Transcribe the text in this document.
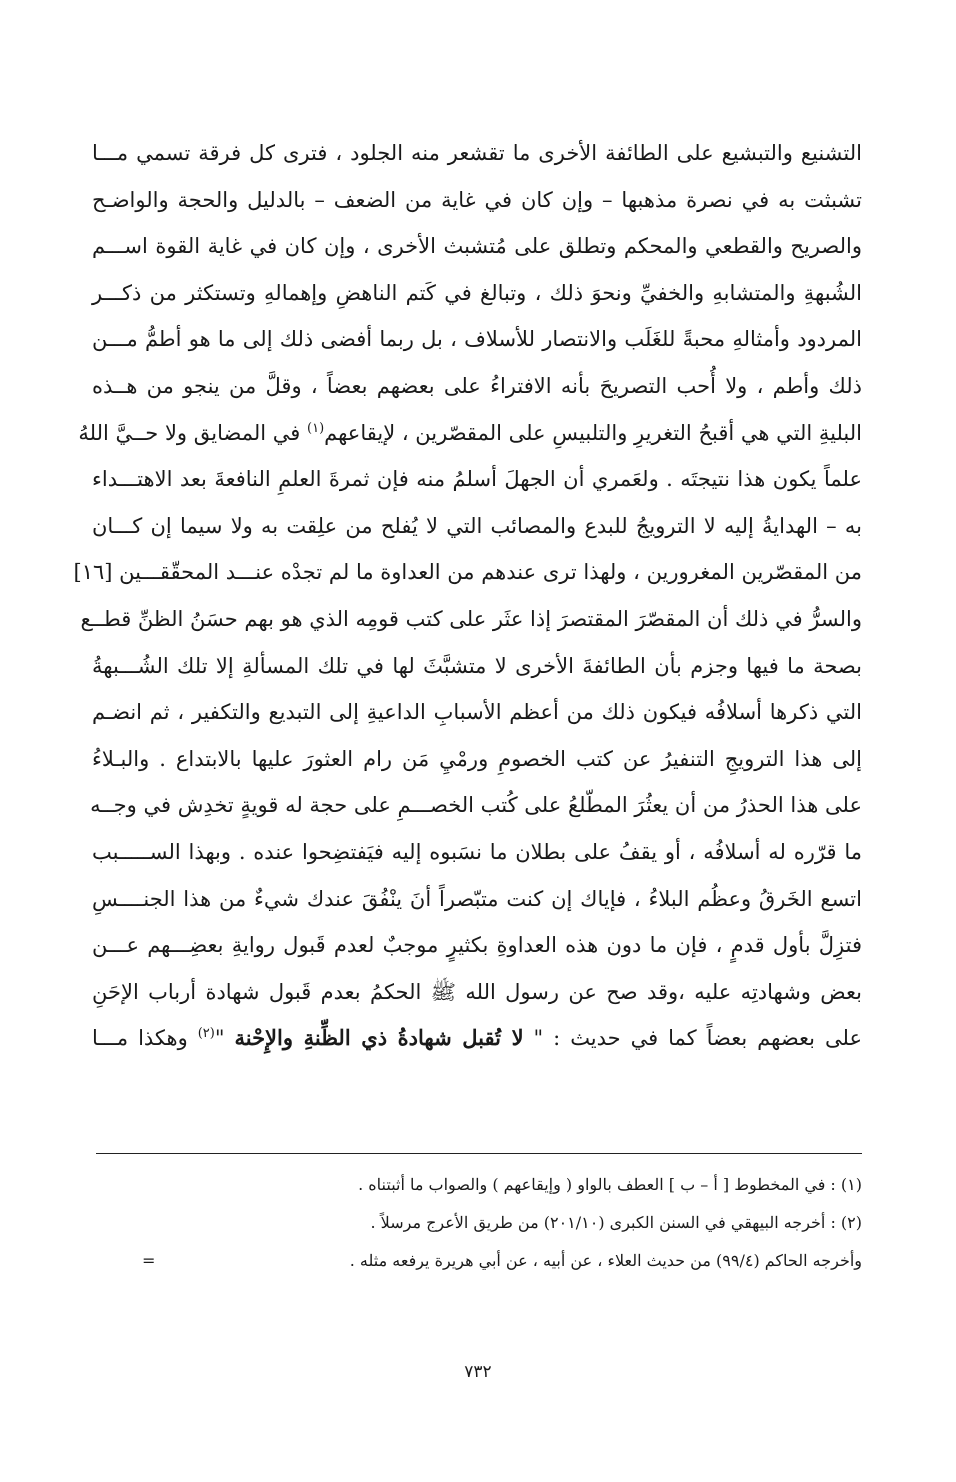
التشنيع والتبشيع على الطائفة الأخرى ما تقشعر منه الجلود ، فترى كل فرقة تسمي مـــا
تشبثت به في نصرة مذهبها – وإن كان في غاية من الضعف – بالدليل والحجة والواضـح
والصريح والقطعي والمحكم وتطلق على مُتشبث الأخرى ، وإن كان في غاية القوة اســـم
الشُبهةِ والمتشابهِ والخفيِّ ونحوَ ذلك ، وتبالغ في كَتم الناهضِ وإهمالهِ وتستكثر من ذكـــر
المردود وأمثالهِ محبةً للغَلَب والانتصار للأسلاف ، بل ربما أفضى ذلك إلى ما هو أطمُّ مـــن
ذلك وأطم ، ولا أُحب التصريحَ بأنه الافتراءُ على بعضهم بعضاً ، وقلَّ من ينجو من هــذه
البليةِ التي هي أقبحُ التغريرِ والتلبيسِ على المقصّرين ، لإيقاعهم$^{(١)}$ في المضايق ولا حــيَّ اللهُ
علماً يكون هذا نتيجتَه . ولعَمري أن الجهلَ أسلمُ منه فإن ثمرةَ العلمِ النافعةَ بعد الاهتـــداء
به – الهدايةُ إليه لا الترويجُ للبدع والمصائب التي لا يُفلح من علِقت به ولا سيما إن كـــان
من المقصّرين المغرورين ، ولهذا ترى عندهم من العداوة ما لم تجدْه عنـــد المحقّقـــين [١٦]
والسرُّ في ذلك أن المقصّرَ المقتصرَ إذا عثَر على كتب قومِه الذي هو بهم حسَنُ الظنِّ قطــع
بصحة ما فيها وجزم بأن الطائفةَ الأخرى لا متشبَّثَ لها في تلك المسألةِ إلا تلك الشُـــبهةُ
التي ذكرها أسلافُه فيكون ذلك من أعظم الأسبابِ الداعيةِ إلى التبديع والتكفير ، ثم انضـم
إلى هذا الترويجِ التنفيرُ عن كتب الخصومِ ورمْيِ مَن رام العثورَ عليها بالابتداع . والبـلاءُ
على هذا الحذرُ من أن يعثُرَ المطّلعُ على كُتب الخصـــمِ على حجة له قويةٍ تخدِش في وجــه
ما قرّره له أسلافُه ، أو يقفُ على بطلان ما نسَبوه إليه فيَفتضِحوا عنده . وبهذا الســـــبب
اتسع الخَرقُ وعظُم البلاءُ ، فإياك إن كنت متبّصراً أنَ ينْفُقَ عندك شيءٌ من هذا الجنــــسِ
فتزِلَّ بأول قدمٍ ، فإن ما دون هذه العداوةِ بكثيرٍ موجبٌ لعدم قَبول روايةِ بعضِـــهم عـــن
بعض وشهادتِه عليه ،وقد صح عن رسول الله ﷺ الحكمُ بعدم قَبول شهادة أرباب الإحَنِ
على بعضهم بعضاً كما في حديث : " لا تُقبل شهادةُ ذي الظِّنةِ والإِحْنة "$^{(٢)}$ وهكذا مـــا
(١) : في المخطوط [ أ – ب ] العطف بالواو ( وإيقاعهم ) والصواب ما أثبتناه .
(٢) : أخرجه البيهقي في السنن الكبرى (٢٠١/١٠) من طريق الأعرج مرسلاً .
وأخرجه الحاكم (٩٩/٤) من حديث العلاء ، عن أبيه ، عن أبي هريرة يرفعه مثله .
=
٧٣٢
